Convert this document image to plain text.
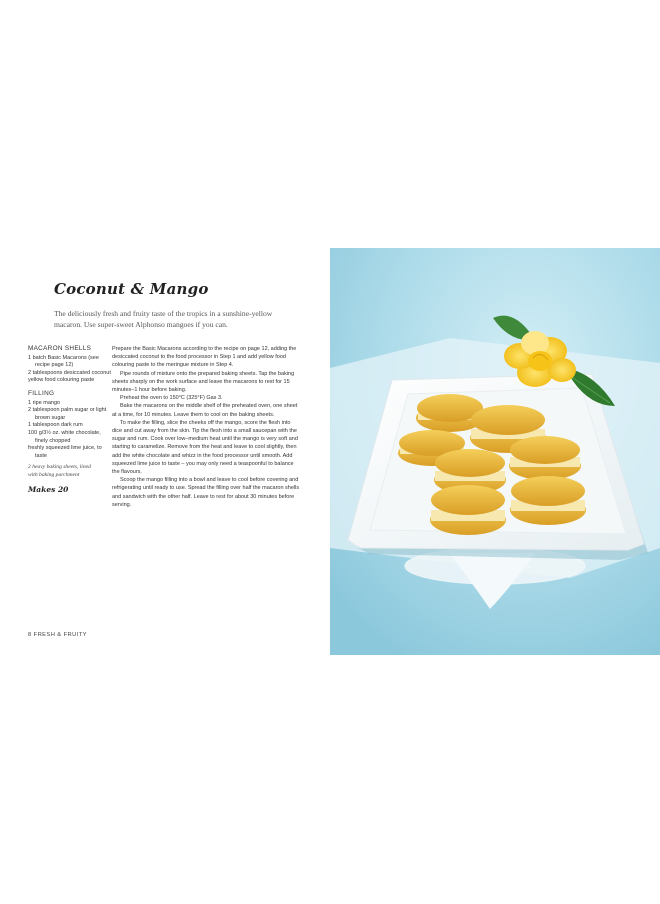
Coconut & Mango

The deliciously fresh and fruity taste of the tropics in a sunshine-yellow macaron. Use super-sweet Alphonso mangoes if you can.

MACARON SHELLS
1 batch Basic Macarons (see recipe page 12)
2 tablespoons desiccated coconut
yellow food colouring paste
FILLING
1 ripe mango
2 tablespoon palm sugar or light brown sugar
1 tablespoon dark rum
100 g/3½ oz. white chocolate, finely chopped
freshly squeezed lime juice, to taste
2 heavy baking sheets, lined with baking parchment
Makes 20

Prepare the Basic Macarons according to the recipe on page 12, adding the desiccated coconut to the food processor in Step 1 and add yellow food colouring paste to the meringue mixture in Step 4.

Pipe rounds of mixture onto the prepared baking sheets. Tap the baking sheets sharply on the work surface and leave the macarons to rest for 15 minutes–1 hour before baking.

Preheat the oven to 150°C (325°F) Gas 3.

Bake the macarons on the middle shelf of the preheated oven, one sheet at a time, for 10 minutes. Leave them to cool on the baking sheets.

To make the filling, slice the cheeks off the mango, score the flesh into dice and cut away from the skin. Tip the flesh into a small saucepan with the sugar and rum. Cook over low–medium heat until the mango is very soft and starting to caramelize. Remove from the heat and leave to cool slightly, then add the white chocolate and whizz in the food processor until smooth. Add squeezed lime juice to taste – you may only need a teaspoonful to balance the flavours.

Scoop the mango filling into a bowl and leave to cool before covering and refrigerating until ready to use. Spread the filling over half the macaron shells and sandwich with the other half. Leave to rest for about 30 minutes before serving.

8 FRESH & FRUITY
